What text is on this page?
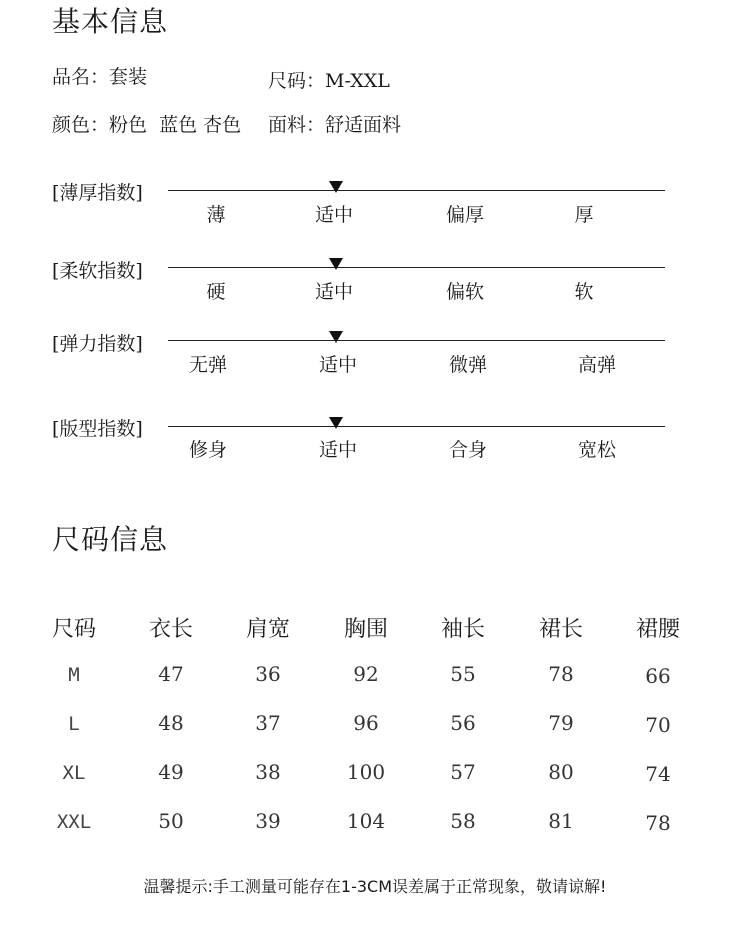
基本信息
品名：套装	尺码：M-XXL
颜色：粉色  蓝色 杏色 面料：舒适面料
[薄厚指数]
薄	适中	偏厚	厚
[柔软指数]
硬	适中	偏软	软
[弹力指数]
无弹	适中	微弹	高弹
[版型指数]
修身	适中	合身	宽松
尺码信息
尺码	衣长	肩宽	胸围	袖长	裙长	裙腰
M	47	36	92	55	78	66
L	48	37	96	56	79	70
XL	49	38	100	57	80	74
XXL	50	39	104	58	81	78
温馨提示:手工测量可能存在1-3CM误差属于正常现象，敬请谅解!
